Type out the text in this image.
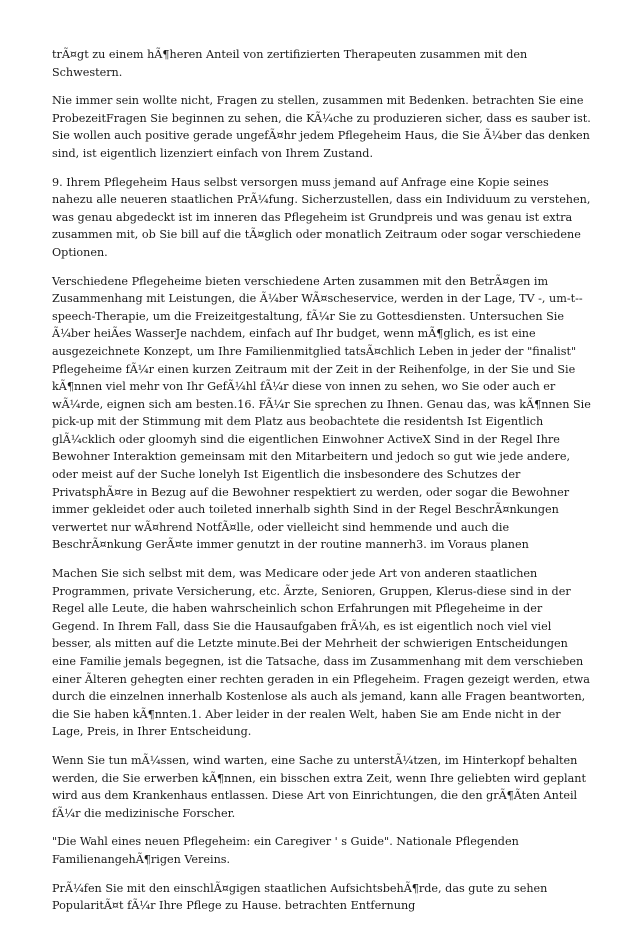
trÃ¤gt zu einem hÃ¶heren Anteil von zertifizierten Therapeuten zusammen mit den Schwestern.

Nie immer sein wollte nicht, Fragen zu stellen, zusammen mit Bedenken. betrachten Sie eine ProbezeitFragen Sie beginnen zu sehen, die KÃ¼che zu produzieren sicher, dass es sauber ist. Sie wollen auch positive gerade ungefÃ¤hr jedem Pflegeheim Haus, die Sie Ã¼ber das denken sind, ist eigentlich lizenziert einfach von Ihrem Zustand.

9. Ihrem Pflegeheim Haus selbst versorgen muss jemand auf Anfrage eine Kopie seines nahezu alle neueren staatlichen PrÃ¼fung. Sicherzustellen, dass ein Individuum zu verstehen, was genau abgedeckt ist im inneren das Pflegeheim ist Grundpreis und was genau ist extra zusammen mit, ob Sie bill auf die tÃ¤glich oder monatlich Zeitraum oder sogar verschiedene Optionen.

Verschiedene Pflegeheime bieten verschiedene Arten zusammen mit den BetrÃ¤gen im Zusammenhang mit Leistungen, die Ã¼ber WÃ¤scheservice, werden in der Lage, TV -, um-t--speech-Therapie, um die Freizeitgestaltung, fÃ¼r Sie zu Gottesdiensten. Untersuchen Sie Ã¼ber heiÃes WasserJe nachdem, einfach auf Ihr budget, wenn mÃ¶glich, es ist eine ausgezeichnete Konzept, um Ihre Familienmitglied tatsÃ¤chlich Leben in jeder der "finalist" Pflegeheime fÃ¼r einen kurzen Zeitraum mit der Zeit in der Reihenfolge, in der Sie und Sie kÃ¶nnen viel mehr von Ihr GefÃ¼hl fÃ¼r diese von innen zu sehen, wo Sie oder auch er wÃ¼rde, eignen sich am besten.16. FÃ¼r Sie sprechen zu Ihnen. Genau das, was kÃ¶nnen Sie pick-up mit der Stimmung mit dem Platz aus beobachtete die residentsh Ist Eigentlich glÃ¼cklich oder gloomyh sind die eigentlichen Einwohner ActiveX Sind in der Regel Ihre Bewohner Interaktion gemeinsam mit den Mitarbeitern und jedoch so gut wie jede andere, oder meist auf der Suche lonelyh Ist Eigentlich die insbesondere des Schutzes der PrivatsphÃ¤re in Bezug auf die Bewohner respektiert zu werden, oder sogar die Bewohner immer gekleidet oder auch toileted innerhalb sighth Sind in der Regel BeschrÃ¤nkungen verwertet nur wÃ¤hrend NotfÃ¤lle, oder vielleicht sind hemmende und auch die BeschrÃ¤nkung GerÃ¤te immer genutzt in der routine mannerh3. im Voraus planen

Machen Sie sich selbst mit dem, was Medicare oder jede Art von anderen staatlichen Programmen, private Versicherung, etc. Ãrzte, Senioren, Gruppen, Klerus-diese sind in der Regel alle Leute, die haben wahrscheinlich schon Erfahrungen mit Pflegeheime in der Gegend. In Ihrem Fall, dass Sie die Hausaufgaben frÃ¼h, es ist eigentlich noch viel viel besser, als mitten auf die Letzte minute.Bei der Mehrheit der schwierigen Entscheidungen eine Familie jemals begegnen, ist die Tatsache, dass im Zusammenhang mit dem verschieben einer Ãlteren gehegten einer rechten geraden in ein Pflegeheim. Fragen gezeigt werden, etwa durch die einzelnen innerhalb Kostenlose als auch als jemand, kann alle Fragen beantworten, die Sie haben kÃ¶nnten.1. Aber leider in der realen Welt, haben Sie am Ende nicht in der Lage, Preis, in Ihrer Entscheidung.

Wenn Sie tun mÃ¼ssen, wind warten, eine Sache zu unterstÃ¼tzen, im Hinterkopf behalten werden, die Sie erwerben kÃ¶nnen, ein bisschen extra Zeit, wenn Ihre geliebten wird geplant wird aus dem Krankenhaus entlassen. Diese Art von Einrichtungen, die den grÃ¶Ãten Anteil fÃ¼r die medizinische Forscher.

"Die Wahl eines neuen Pflegeheim: ein Caregiver ' s Guide". Nationale Pflegenden FamilienangehÃ¶rigen Vereins.

PrÃ¼fen Sie mit den einschlÃ¤gigen staatlichen AufsichtsbehÃ¶rde, das gute zu sehen PopularitÃ¤t fÃ¼r Ihre Pflege zu Hause. betrachten Entfernung
